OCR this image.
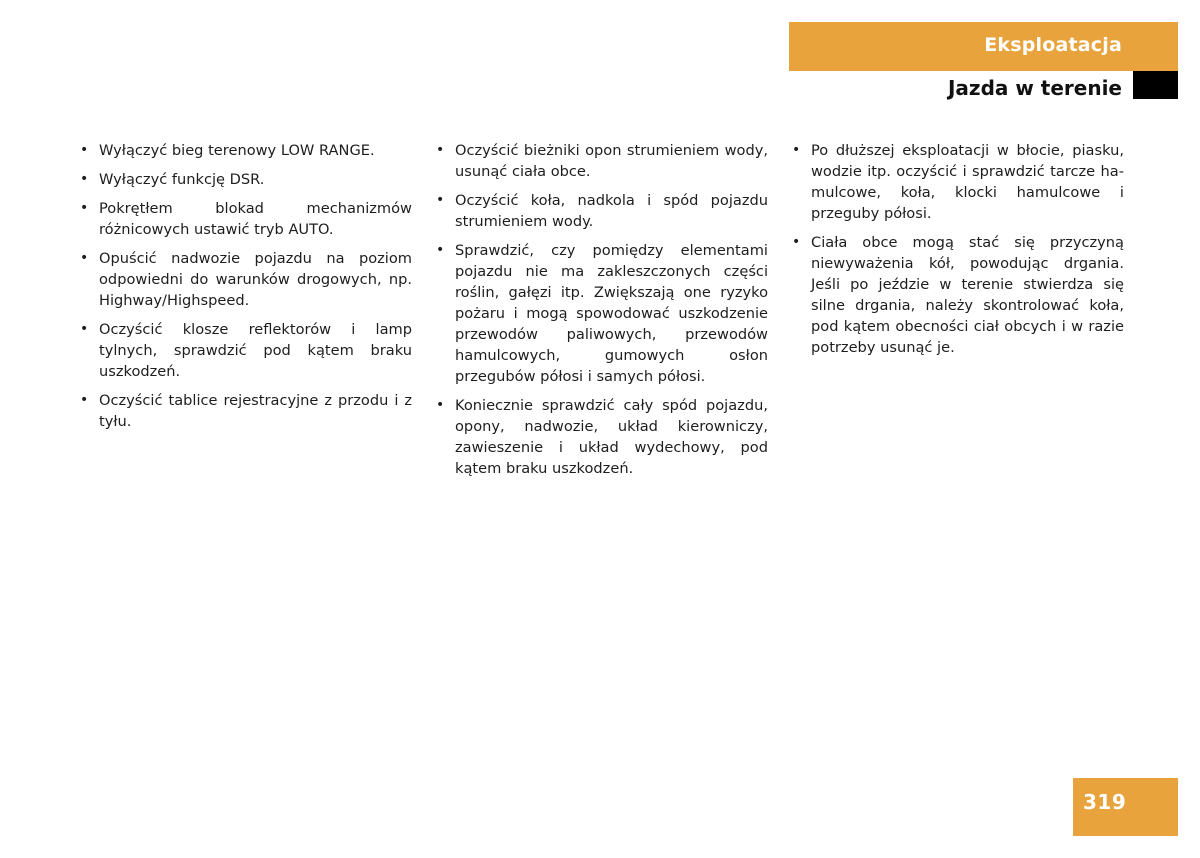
Eksploatacja
Jazda w terenie
• Wyłączyć bieg terenowy LOW RANGE.
• Wyłączyć funkcję DSR.
• Pokrętłem blokad mechanizmów różnicowych ustawić tryb AUTO.
• Opuścić nadwozie pojazdu na poziom odpowiedni do warunków drogowych, np. Highway/Highspeed.
• Oczyścić klosze reflektorów i lamp tylnych, sprawdzić pod kątem braku uszkodzeń.
• Oczyścić tablice rejestracyjne z przodu i z tyłu.
• Oczyścić bieżniki opon strumieniem wody, usunąć ciała obce.
• Oczyścić koła, nadkola i spód pojazdu strumieniem wody.
• Sprawdzić, czy pomiędzy elementami pojazdu nie ma zakleszczonych części roślin, gałęzi itp. Zwiększają one ryzyko pożaru i mogą spowodować uszkodzenie przewodów paliwowych, przewodów hamulcowych, gumowych osłon przegubów półosi i samych półosi.
• Koniecznie sprawdzić cały spód pojazdu, opony, nadwozie, układ kierowniczy, zawieszenie i układ wydechowy, pod kątem braku uszkodzeń.
• Po dłuższej eksploatacji w błocie, piasku, wodzie itp. oczyścić i sprawdzić tarcze hamulcowe, koła, klocki hamulcowe i przeguby półosi.
• Ciała obce mogą stać się przyczyną niewyważenia kół, powodując drgania. Jeśli po jeździe w terenie stwierdza się silne drgania, należy skontrolować koła, pod kątem obecności ciał obcych i w razie potrzeby usunąć je.
319
